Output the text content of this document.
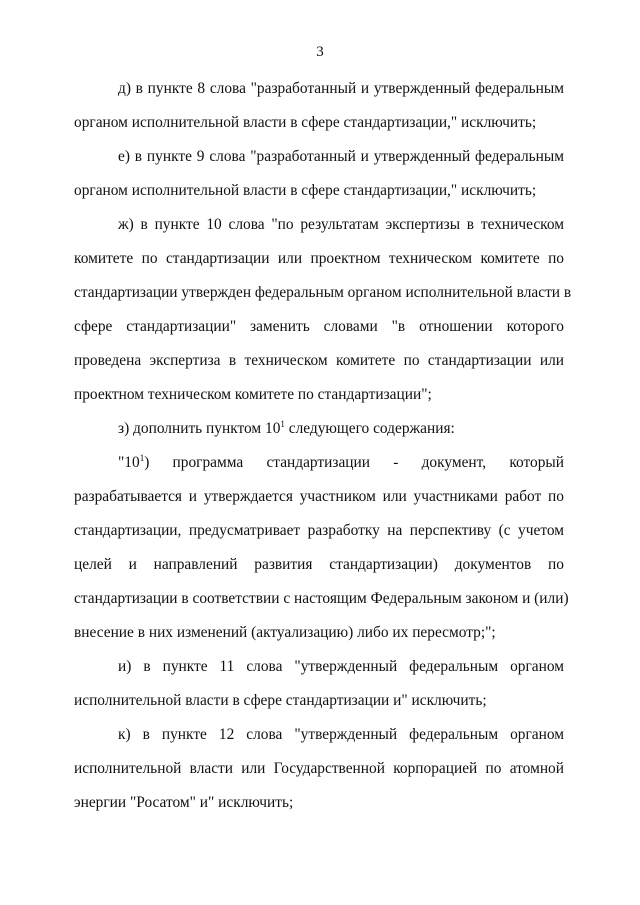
3
д) в пункте 8 слова "разработанный и утвержденный федеральным
органом исполнительной власти в сфере стандартизации," исключить;
е) в пункте 9 слова "разработанный и утвержденный федеральным
органом исполнительной власти в сфере стандартизации," исключить;
ж) в пункте 10 слова "по результатам экспертизы в техническом
комитете по стандартизации или проектном техническом комитете по
стандартизации утвержден федеральным органом исполнительной власти в
сфере стандартизации" заменить словами "в отношении которого
проведена экспертиза в техническом комитете по стандартизации или
проектном техническом комитете по стандартизации";
з) дополнить пунктом $10^1$ следующего содержания:
"$10^1$) программа стандартизации - документ, который
разрабатывается и утверждается участником или участниками работ по
стандартизации, предусматривает разработку на перспективу (с учетом
целей и направлений развития стандартизации) документов по
стандартизации в соответствии с настоящим Федеральным законом и (или)
внесение в них изменений (актуализацию) либо их пересмотр;";
и) в пункте 11 слова "утвержденный федеральным органом
исполнительной власти в сфере стандартизации и" исключить;
к) в пункте 12 слова "утвержденный федеральным органом
исполнительной власти или Государственной корпорацией по атомной
энергии "Росатом" и" исключить;
